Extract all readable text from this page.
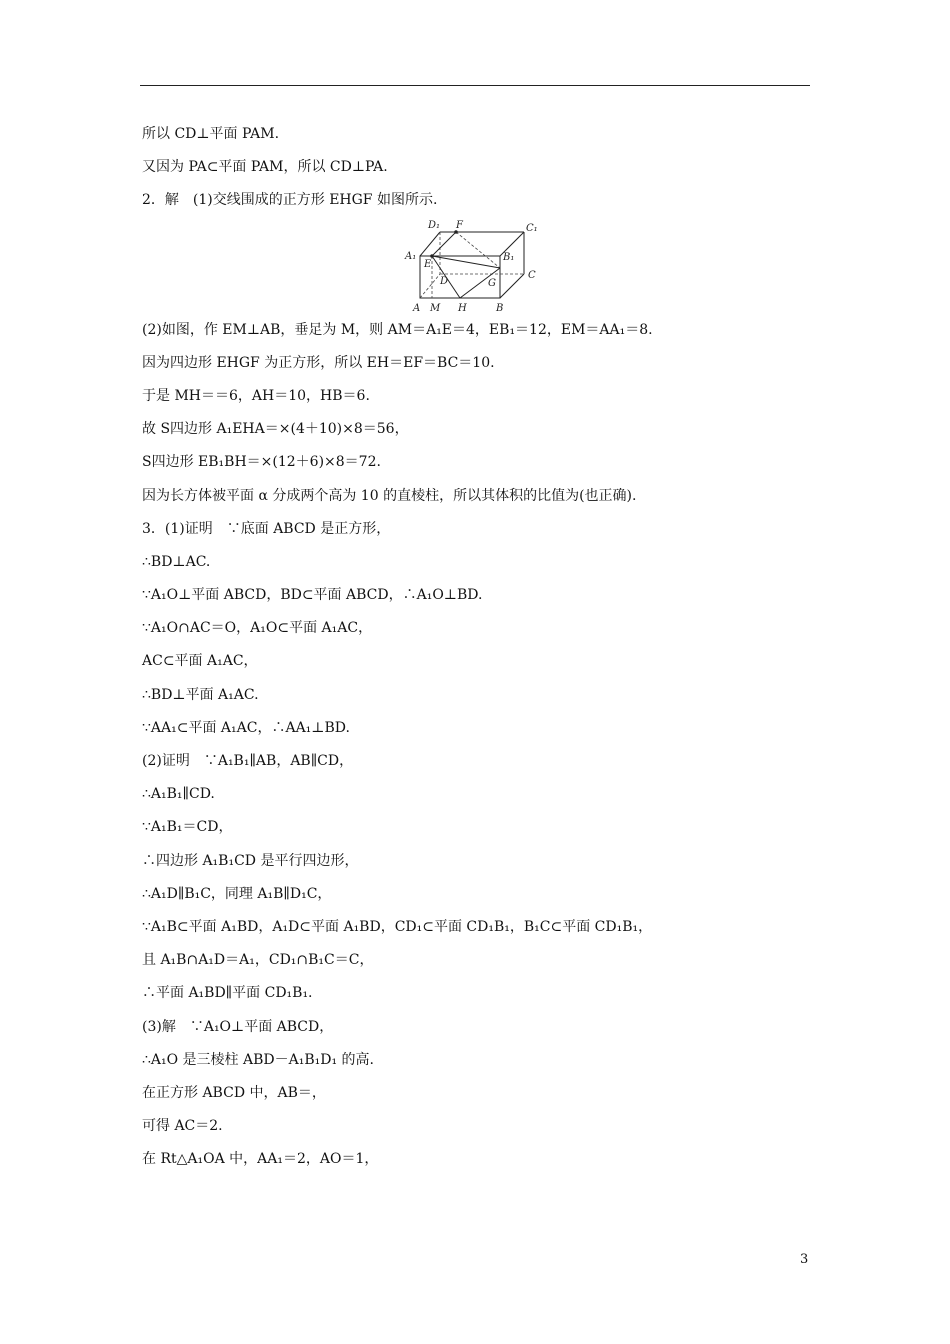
所以 CD⊥平面 PAM.
又因为 PA⊂平面 PAM，所以 CD⊥PA.
2．解　(1)交线围成的正方形 EHGF 如图所示.
D₁ F	C₁
A₁
E
B₁
D
C
G
A M H	B
(2)如图，作 EM⊥AB，垂足为 M，则 AM＝A₁E＝4，EB₁＝12，EM＝AA₁＝8.
因为四边形 EHGF 为正方形，所以 EH＝EF＝BC＝10.
于是 MH＝＝6，AH＝10，HB＝6.
故 S四边形 A₁EHA＝×(4＋10)×8＝56，
S四边形 EB₁BH＝×(12＋6)×8＝72.
因为长方体被平面 α 分成两个高为 10 的直棱柱，所以其体积的比值为(也正确).
3．(1)证明　∵底面 ABCD 是正方形，
∴BD⊥AC.
∵A₁O⊥平面 ABCD，BD⊂平面 ABCD，∴A₁O⊥BD.
∵A₁O∩AC＝O，A₁O⊂平面 A₁AC，
AC⊂平面 A₁AC，
∴BD⊥平面 A₁AC.
∵AA₁⊂平面 A₁AC，∴AA₁⊥BD.
(2)证明　∵A₁B₁∥AB，AB∥CD，
∴A₁B₁∥CD.
∵A₁B₁＝CD，
∴四边形 A₁B₁CD 是平行四边形，
∴A₁D∥B₁C，同理 A₁B∥D₁C，
∵A₁B⊂平面 A₁BD，A₁D⊂平面 A₁BD，CD₁⊂平面 CD₁B₁，B₁C⊂平面 CD₁B₁，
且 A₁B∩A₁D＝A₁，CD₁∩B₁C＝C，
∴平面 A₁BD∥平面 CD₁B₁.
(3)解　∵A₁O⊥平面 ABCD，
∴A₁O 是三棱柱 ABD－A₁B₁D₁ 的高.
在正方形 ABCD 中，AB＝，
可得 AC＝2.
在 Rt△A₁OA 中，AA₁＝2，AO＝1，
3
